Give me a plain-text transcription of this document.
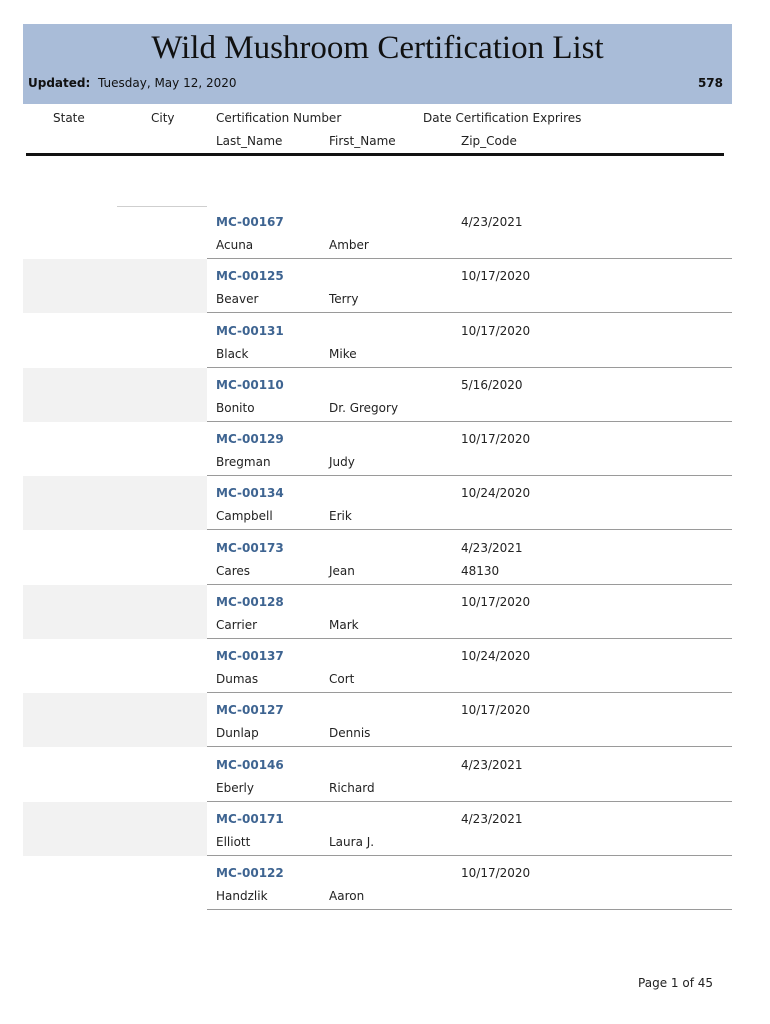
Wild Mushroom Certification List
Updated: Tuesday, May 12, 2020	578
State	City	Certification Number	Date Certification Exprires
Last_Name	First_Name	Zip_Code
MC-00167	4/23/2021
Acuna	Amber
MC-00125	10/17/2020
Beaver	Terry
MC-00131	10/17/2020
Black	Mike
MC-00110	5/16/2020
Bonito	Dr. Gregory
MC-00129	10/17/2020
Bregman	Judy
MC-00134	10/24/2020
Campbell	Erik
MC-00173	4/23/2021
Cares	Jean	48130
MC-00128	10/17/2020
Carrier	Mark
MC-00137	10/24/2020
Dumas	Cort
MC-00127	10/17/2020
Dunlap	Dennis
MC-00146	4/23/2021
Eberly	Richard
MC-00171	4/23/2021
Elliott	Laura J.
MC-00122	10/17/2020
Handzlik	Aaron
Page 1 of 45
